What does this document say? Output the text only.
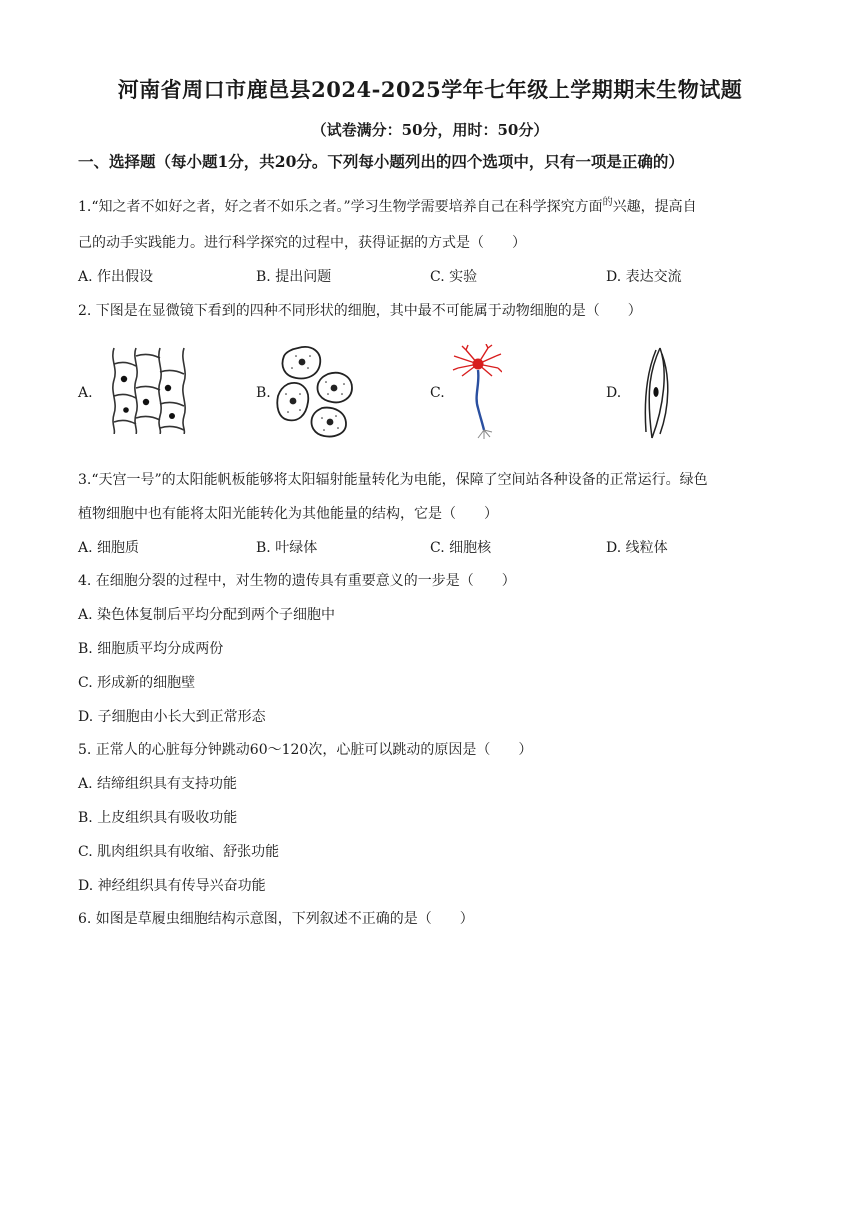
河南省周口市鹿邑县2024-2025学年七年级上学期期末生物试题
（试卷满分：50分，用时：50分）
一、选择题（每小题1分，共20分。下列每小题列出的四个选项中，只有一项是正确的）
1.“知之者不如好之者，好之者不如乐之者。”学习生物学需要培养自己在科学探究方面$^的$兴趣，提高自
己的动手实践能力。进行科学探究的过程中，获得证据的方式是（　　）
A. 作出假设	B. 提出问题	C. 实验	D. 表达交流
2. 下图是在显微镜下看到的四种不同形状的细胞，其中最不可能属于动物细胞的是（　　）
A.	B.	C.	D.
3.“天宫一号”的太阳能帆板能够将太阳辐射能量转化为电能，保障了空间站各种设备的正常运行。绿色
植物细胞中也有能将太阳光能转化为其他能量的结构，它是（　　）
A. 细胞质	B. 叶绿体	C. 细胞核	D. 线粒体
4. 在细胞分裂的过程中，对生物的遗传具有重要意义的一步是（　　）
A. 染色体复制后平均分配到两个子细胞中
B. 细胞质平均分成两份
C. 形成新的细胞壁
D. 子细胞由小长大到正常形态
5. 正常人的心脏每分钟跳动60～120次，心脏可以跳动的原因是（　　）
A. 结缔组织具有支持功能
B. 上皮组织具有吸收功能
C. 肌肉组织具有收缩、舒张功能
D. 神经组织具有传导兴奋功能
6. 如图是草履虫细胞结构示意图，下列叙述不正确的是（　　）
